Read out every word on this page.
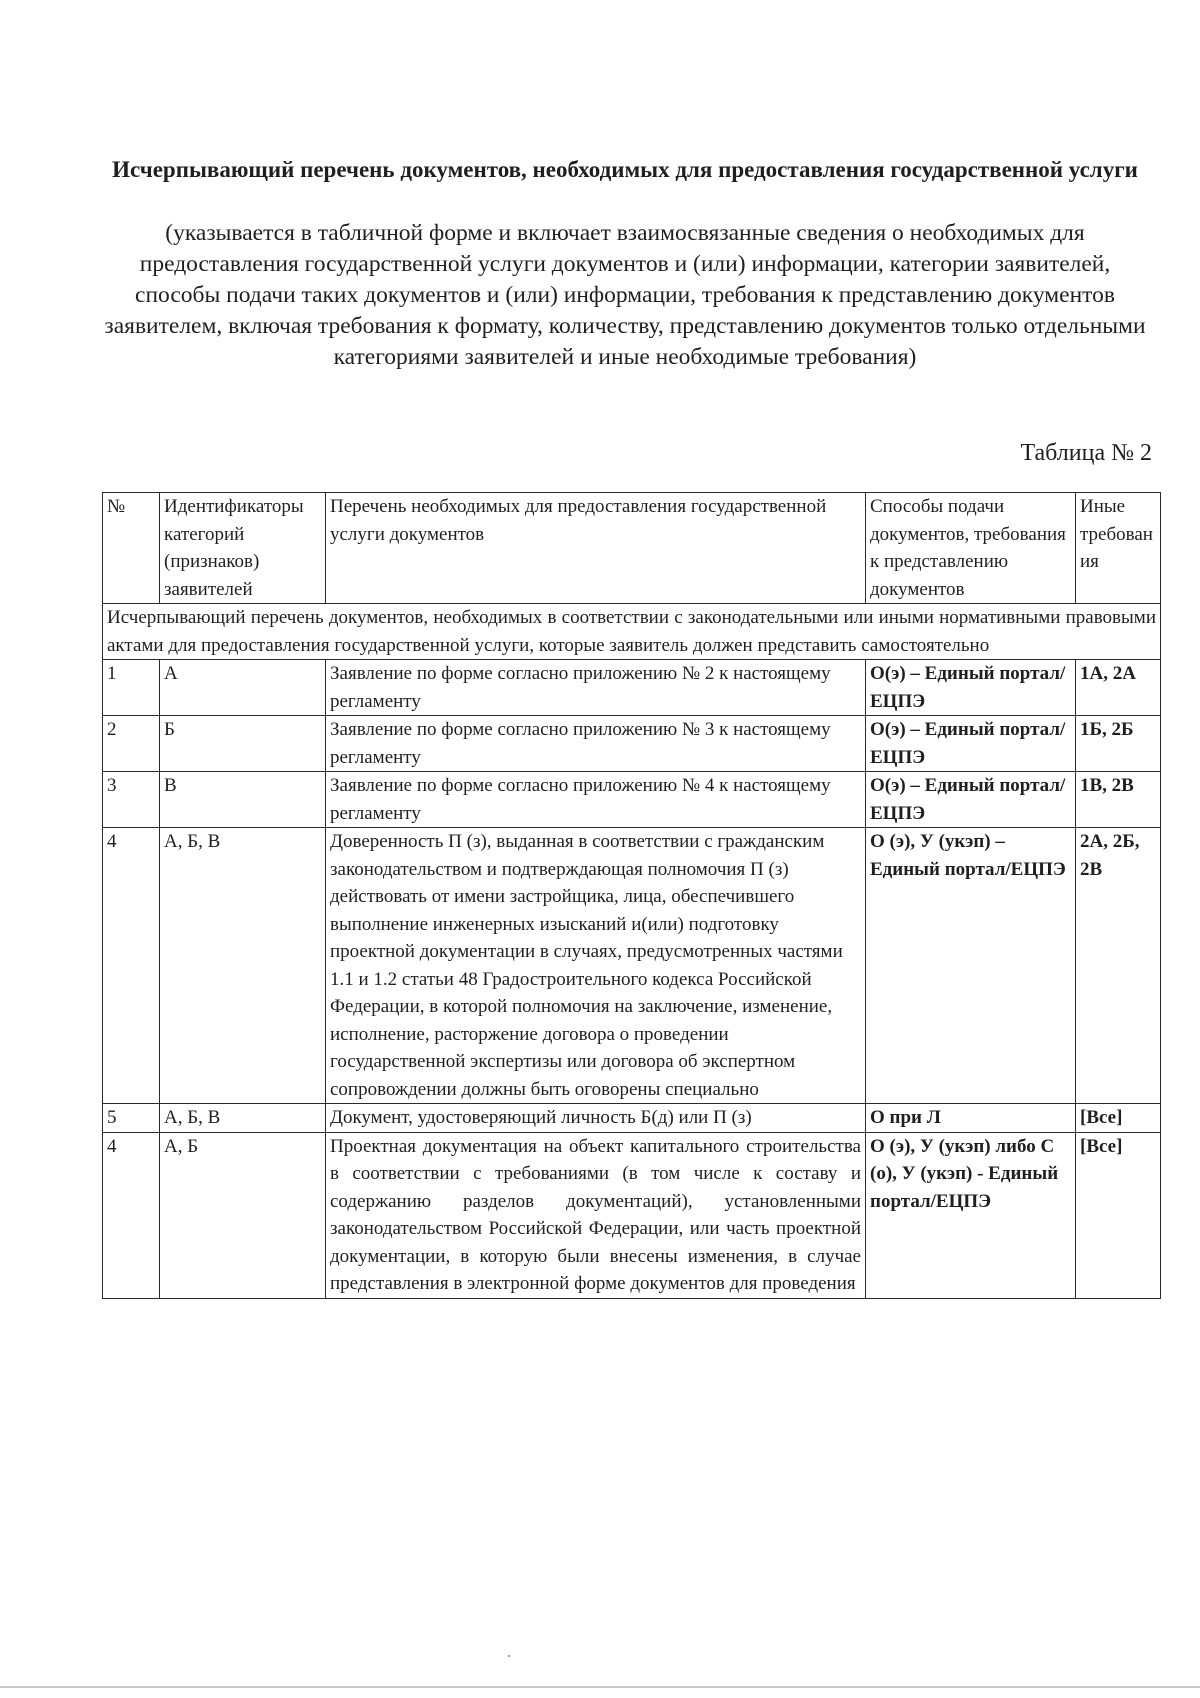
Исчерпывающий перечень документов, необходимых для предоставления государственной услуги
(указывается в табличной форме и включает взаимосвязанные сведения о необходимых для предоставления государственной услуги документов и (или) информации, категории заявителей, способы подачи таких документов и (или) информации, требования к представлению документов заявителем, включая требования к формату, количеству, представлению документов только отдельными категориями заявителей и иные необходимые требования)
Таблица № 2
№	Идентификаторы категорий (признаков) заявителей	Перечень необходимых для предоставления государственной услуги документов	Способы подачи документов, требования к представлению документов	Иные требования
Исчерпывающий перечень документов, необходимых в соответствии с законодательными или иными нормативными правовыми актами для предоставления государственной услуги, которые заявитель должен представить самостоятельно				
1	А	Заявление по форме согласно приложению № 2 к настоящему регламенту	О(э) – Единый портал/ЕЦПЭ	1А, 2А
2	Б	Заявление по форме согласно приложению № 3 к настоящему регламенту	О(э) – Единый портал/ЕЦПЭ	1Б, 2Б
3	В	Заявление по форме согласно приложению № 4 к настоящему регламенту	О(э) – Единый портал/ЕЦПЭ	1В, 2В
4	А, Б, В	Доверенность П (з), выданная в соответствии с гражданским законодательством и подтверждающая полномочия П (з) действовать от имени застройщика, лица, обеспечившего выполнение инженерных изысканий и(или) подготовку проектной документации в случаях, предусмотренных частями 1.1 и 1.2 статьи 48 Градостроительного кодекса Российской Федерации, в которой полномочия на заключение, изменение, исполнение, расторжение договора о проведении государственной экспертизы или договора об экспертном сопровождении должны быть оговорены специально	О (э), У (укэп) – Единый портал/ЕЦПЭ	2А, 2Б, 2В
5	А, Б, В	Документ, удостоверяющий личность Б(д) или П (з)	О при Л	[Все]
4	А, Б	Проектная документация на объект капитального строительства в соответствии с требованиями (в том числе к составу и содержанию разделов документаций), установленными законодательством Российской Федерации, или часть проектной документации, в которую были внесены изменения, в случае представления в электронной форме документов для проведения	О (э), У (укэп) либо С (о), У (укэп) - Единый портал/ЕЦПЭ	[Все]
